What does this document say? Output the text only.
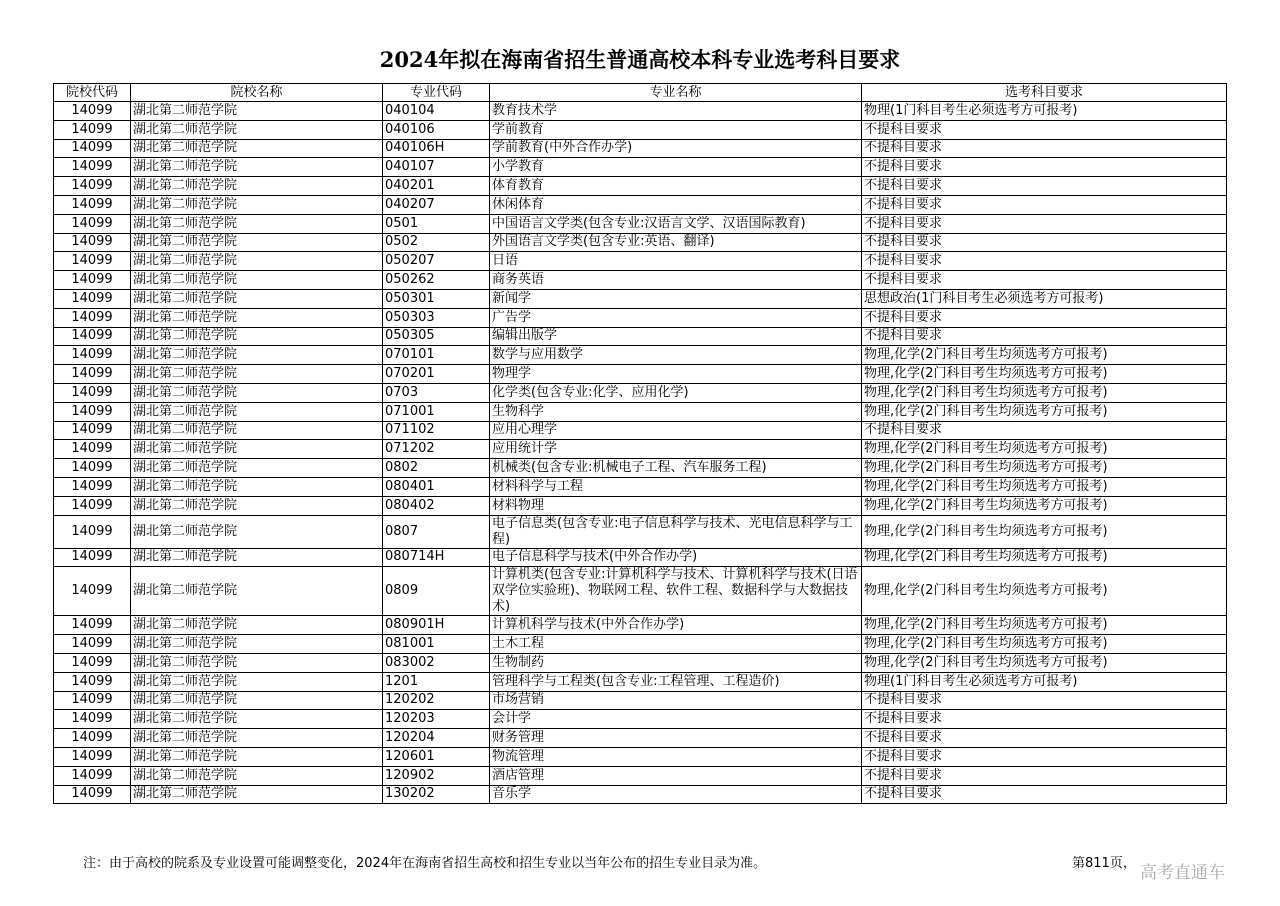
2024年拟在海南省招生普通高校本科专业选考科目要求
院校代码	院校名称	专业代码	专业名称	选考科目要求
14099	湖北第二师范学院	040104	教育技术学	物理(1门科目考生必须选考方可报考)
14099	湖北第二师范学院	040106	学前教育	不提科目要求
14099	湖北第二师范学院	040106H	学前教育(中外合作办学)	不提科目要求
14099	湖北第二师范学院	040107	小学教育	不提科目要求
14099	湖北第二师范学院	040201	体育教育	不提科目要求
14099	湖北第二师范学院	040207	休闲体育	不提科目要求
14099	湖北第二师范学院	0501	中国语言文学类(包含专业:汉语言文学、汉语国际教育)	不提科目要求
14099	湖北第二师范学院	0502	外国语言文学类(包含专业:英语、翻译)	不提科目要求
14099	湖北第二师范学院	050207	日语	不提科目要求
14099	湖北第二师范学院	050262	商务英语	不提科目要求
14099	湖北第二师范学院	050301	新闻学	思想政治(1门科目考生必须选考方可报考)
14099	湖北第二师范学院	050303	广告学	不提科目要求
14099	湖北第二师范学院	050305	编辑出版学	不提科目要求
14099	湖北第二师范学院	070101	数学与应用数学	物理,化学(2门科目考生均须选考方可报考)
14099	湖北第二师范学院	070201	物理学	物理,化学(2门科目考生均须选考方可报考)
14099	湖北第二师范学院	0703	化学类(包含专业:化学、应用化学)	物理,化学(2门科目考生均须选考方可报考)
14099	湖北第二师范学院	071001	生物科学	物理,化学(2门科目考生均须选考方可报考)
14099	湖北第二师范学院	071102	应用心理学	不提科目要求
14099	湖北第二师范学院	071202	应用统计学	物理,化学(2门科目考生均须选考方可报考)
14099	湖北第二师范学院	0802	机械类(包含专业:机械电子工程、汽车服务工程)	物理,化学(2门科目考生均须选考方可报考)
14099	湖北第二师范学院	080401	材料科学与工程	物理,化学(2门科目考生均须选考方可报考)
14099	湖北第二师范学院	080402	材料物理	物理,化学(2门科目考生均须选考方可报考)
14099	湖北第二师范学院	0807	电子信息类(包含专业:电子信息科学与技术、光电信息科学与工程)	物理,化学(2门科目考生均须选考方可报考)
14099	湖北第二师范学院	080714H	电子信息科学与技术(中外合作办学)	物理,化学(2门科目考生均须选考方可报考)
14099	湖北第二师范学院	0809	计算机类(包含专业:计算机科学与技术、计算机科学与技术(日语双学位实验班)、物联网工程、软件工程、数据科学与大数据技术)	物理,化学(2门科目考生均须选考方可报考)
14099	湖北第二师范学院	080901H	计算机科学与技术(中外合作办学)	物理,化学(2门科目考生均须选考方可报考)
14099	湖北第二师范学院	081001	土木工程	物理,化学(2门科目考生均须选考方可报考)
14099	湖北第二师范学院	083002	生物制药	物理,化学(2门科目考生均须选考方可报考)
14099	湖北第二师范学院	1201	管理科学与工程类(包含专业:工程管理、工程造价)	物理(1门科目考生必须选考方可报考)
14099	湖北第二师范学院	120202	市场营销	不提科目要求
14099	湖北第二师范学院	120203	会计学	不提科目要求
14099	湖北第二师范学院	120204	财务管理	不提科目要求
14099	湖北第二师范学院	120601	物流管理	不提科目要求
14099	湖北第二师范学院	120902	酒店管理	不提科目要求
14099	湖北第二师范学院	130202	音乐学	不提科目要求
注：由于高校的院系及专业设置可能调整变化，2024年在海南省招生高校和招生专业以当年公布的招生专业目录为准。	第811页， 高考直通车
